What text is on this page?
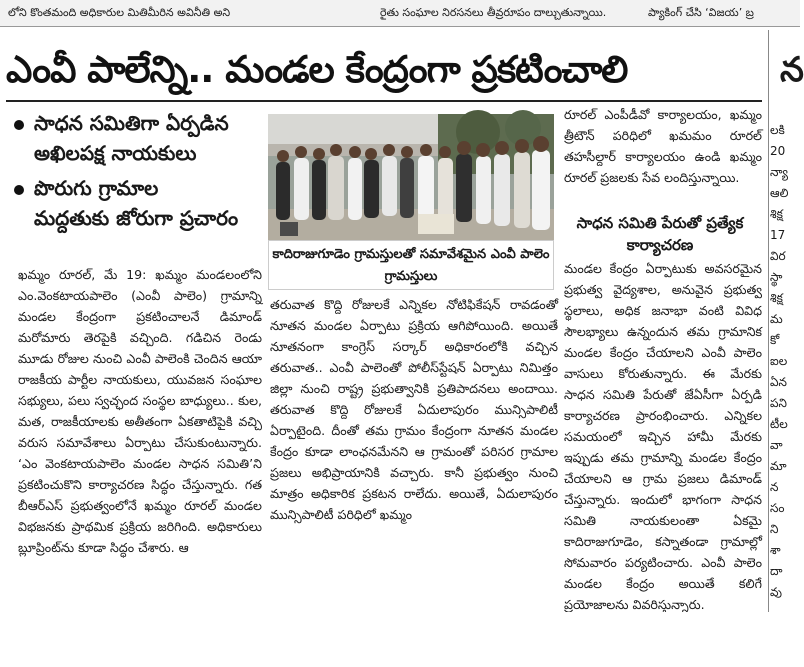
లోని కొంతమంది అధికారుల మితిమీరిన అవినీతి అని	రైతు సంఘాల నిరసనలు తీవ్రరూపం దాల్చుతున్నాయి.	ప్యాకింగ్ చేసి ‘విజయ’ బ్ర
ఎంవీ పాలేన్ని.. మండల కేంద్రంగా ప్రకటించాలి	న
సాధన సమితిగా ఏర్పడిన
అఖిలపక్ష నాయకులు
పొరుగు గ్రామాల
మద్దతుకు జోరుగా ప్రచారం

ఖమ్మం రూరల్, మే 19: ఖమ్మం మండలంలోని ఎం.వెంకటాయపాలెం (ఎంవీ పాలెం) గ్రామాన్ని మండల కేంద్రంగా ప్రకటించాలనే డిమాండ్ మరోమారు తెరపైకి వచ్చింది. గడిచిన రెండు మూడు రోజుల నుంచి ఎంవీ పాలెంకి చెందిన ఆయా రాజకీయ పార్టీల నాయకులు, యువజన సంఘాల సభ్యులు, పలు స్వచ్ఛంద సంస్థల బాధ్యులు.. కుల, మత, రాజకీయాలకు అతీతంగా ఏకతాటిపైకి వచ్చి వరుస సమావేశాలు ఏర్పాటు చేసుకుంటున్నారు. ‘ఎం వెంకటాయపాలెం మండల సాధన సమితి’ని ప్రకటించుకొని కార్యాచరణ సిద్ధం చేస్తున్నారు. గత బీఆర్ఎస్ ప్రభుత్వంలోనే ఖమ్మం రూరల్ మండల విభజనకు ప్రాథమిక ప్రక్రియ జరిగింది. అధికారులు బ్లూప్రింట్‌ను కూడా సిద్ధం చేశారు. ఆ

కాదిరాజుగూడెం గ్రామస్తులతో సమావేశమైన ఎంవీ పాలెం గ్రామస్తులు

తరువాత కొద్ది రోజులకే ఎన్నికల నోటిఫికేషన్ రావడంతో నూతన మండల ఏర్పాటు ప్రక్రియ ఆగిపోయింది. అయితే నూతనంగా కాంగ్రెస్ సర్కార్ అధికారంలోకి వచ్చిన తరువాత.. ఎంవీ పాలెంతో పోలీస్‌స్టేషన్ ఏర్పాటు నిమిత్తం జిల్లా నుంచి రాష్ట్ర ప్రభుత్వానికి ప్రతిపాదనలు అందాయి. తరువాత కొద్ది రోజులకే ఏదులాపురం మున్సిపాలిటీ ఏర్పాటైంది. దీంతో తమ గ్రామం కేంద్రంగా నూతన మండల కేంద్రం కూడా లాంఛనమేనని ఆ గ్రామంతో పరిసర గ్రామాల ప్రజలు అభిప్రాయానికి వచ్చారు. కానీ ప్రభుత్వం నుంచి మాత్రం అధికారిక ప్రకటన రాలేదు. అయితే, ఏదులాపురం మున్సిపాలిటీ పరిధిలో ఖమ్మం

రూరల్ ఎంపీడీవో కార్యాలయం, ఖమ్మం త్రీటౌన్ పరిధిలో ఖమమం రూరల్ తహసీల్దార్ కార్యాలయం ఉండి ఖమ్మం రూరల్ ప్రజలకు సేవ లందిస్తున్నాయి.

సాధన సమితి పేరుతో ప్రత్యేక కార్యాచరణ

మండల కేంద్రం ఏర్పాటుకు అవసరమైన ప్రభుత్వ వైద్యశాల, అనువైన ప్రభుత్వ స్థలాలు, అధిక జనాభా వంటి వివిధ సౌలభ్యాలు ఉన్నందున తమ గ్రామానిక మండల కేంద్రం చేయాలని ఎంవీ పాలెం వాసులు కోరుతున్నారు. ఈ మేరకు సాధన సమితి పేరుతో జేఏసీగా ఏర్పడి కార్యాచరణ ప్రారంభించారు. ఎన్నికల సమయంలో ఇచ్చిన హామీ మేరకు ఇప్పుడు తమ గ్రామాన్ని మండల కేంద్రం చేయాలని ఆ గ్రామ ప్రజలు డిమాండ్ చేస్తున్నారు. ఇందులో భాగంగా సాధన సమితి నాయకులంతా ఏకమై కాదిరాజుగూడెం, కస్నాతండా గ్రామాల్లో సోమవారం పర్యటించారు. ఎంవీ పాలెం మండల కేంద్రం అయితే కలిగే ప్రయోజాలను వివరిస్తున్నారు.

లకి
20
న్యా
ఆలి
శిక్ష
17
విర
స్థా
శిక్ష
మ
కో
ఐల
ఏన
పని
టీల
వా
మా
న
సం
ని
శా
దా
వు
